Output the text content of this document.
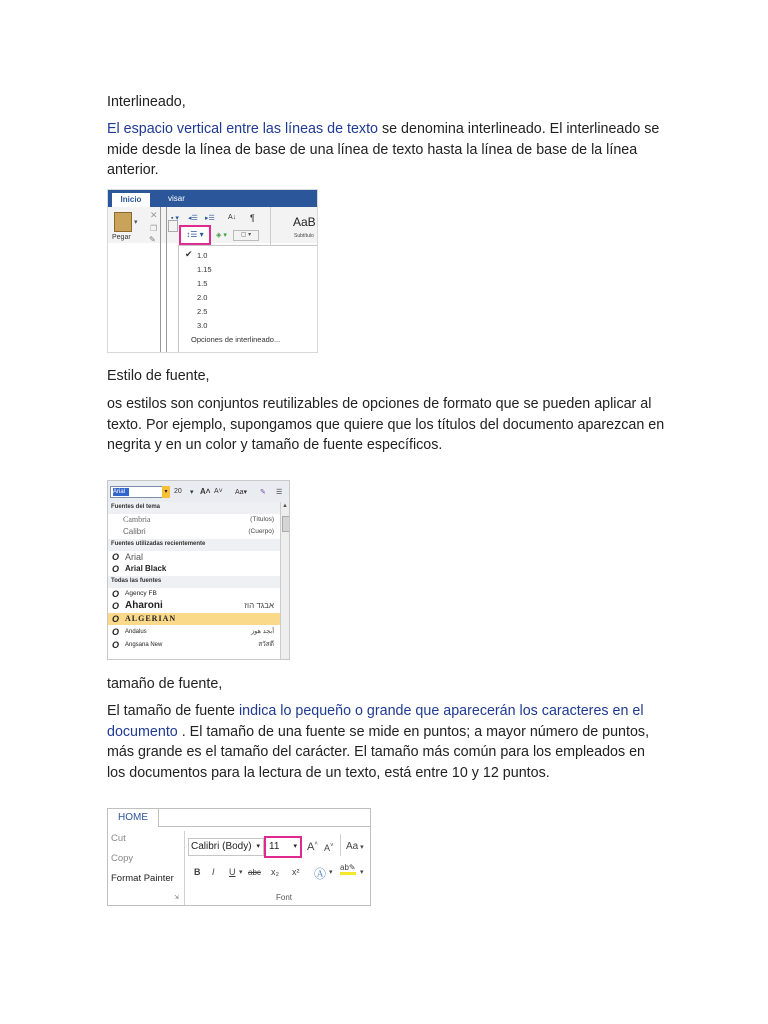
Interlineado,

El espacio vertical entre las líneas de texto se denomina interlineado. El interlineado se mide desde la línea de base de una línea de texto hasta la línea de base de la línea anterior.

Inicio	visar
▾
✕
❐
✎
Pegar
▪ ▾ ◂☰ ▸☰ A↓ ¶
↕☰ ▾	◈ ▾	▢ ▾
AaB
Subtítulo
✔ 1.0
1.15
1.5
2.0
2.5
3.0
Opciones de interlineado...

Estilo de fuente,

os estilos son conjuntos reutilizables de opciones de formato que se pueden aplicar al texto. Por ejemplo, supongamos que quiere que los títulos del documento aparezcan en negrita y en un color y tamaño de fuente específicos.

Arial	▾ 20 ▾ A˄ A˅ Aa▾ ✎ ☰
Fuentes del tema
Cambria	(Títulos)
Calibri	(Cuerpo)
Fuentes utilizadas recientemente
O Arial
O Arial Black
Todas las fuentes
O Agency FB
O Aharoni	אבגד הוז
O ALGERIAN
O Andalus	أبجد هوز
O Angsana New	สวัสดี
▲

tamaño de fuente,

El tamaño de fuente indica lo pequeño o grande que aparecerán los caracteres en el documento . El tamaño de una fuente se mide en puntos; a mayor número de puntos, más grande es el tamaño del carácter. El tamaño más común para los empleados en los documentos para la lectura de un texto, está entre 10 y 12 puntos.

HOME
Cut
Copy
Format Painter
⇲
Calibri (Body) ▾ 11 ▾ A˄ A˅ Aa ▾
B I U ▾ abc x₂ x² Ⓐ ▾
ab✎
▾
Font
